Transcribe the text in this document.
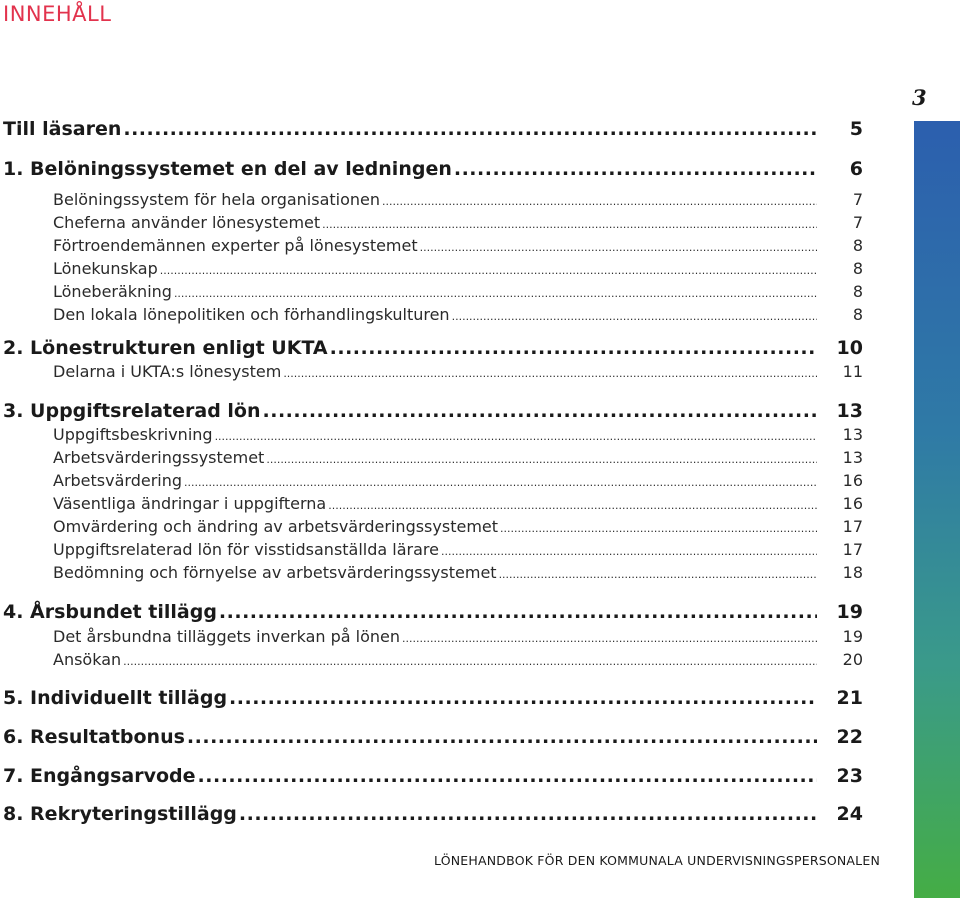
INNEHÅLL
3
Till läsaren .....	5
1. Belöningssystemet en del av ledningen .....	6
Belöningssystem för hela organisationen .....	7
Cheferna använder lönesystemet .....	7
Förtroendemännen experter på lönesystemet .....	8
Lönekunskap .....	8
Löneberäkning .....	8
Den lokala lönepolitiken och förhandlingskulturen .....	8
2. Lönestrukturen enligt UKTA .....	10
Delarna i UKTA:s lönesystem .....	11
3. Uppgiftsrelaterad lön .....	13
Uppgiftsbeskrivning .....	13
Arbetsvärderingssystemet .....	13
Arbetsvärdering .....	16
Väsentliga ändringar i uppgifterna .....	16
Omvärdering och ändring av arbetsvärderingssystemet .....	17
Uppgiftsrelaterad lön för visstidsanställda lärare .....	17
Bedömning och förnyelse av arbetsvärderingssystemet .....	18
4. Årsbundet tillägg .....	19
Det årsbundna tilläggets inverkan på lönen .....	19
Ansökan .....	20
5. Individuellt tillägg .....	21
6. Resultatbonus .....	22
7. Engångsarvode .....	23
8. Rekryteringstillägg .....	24
LÖNEHANDBOK FÖR DEN KOMMUNALA UNDERVISNINGSPERSONALEN
